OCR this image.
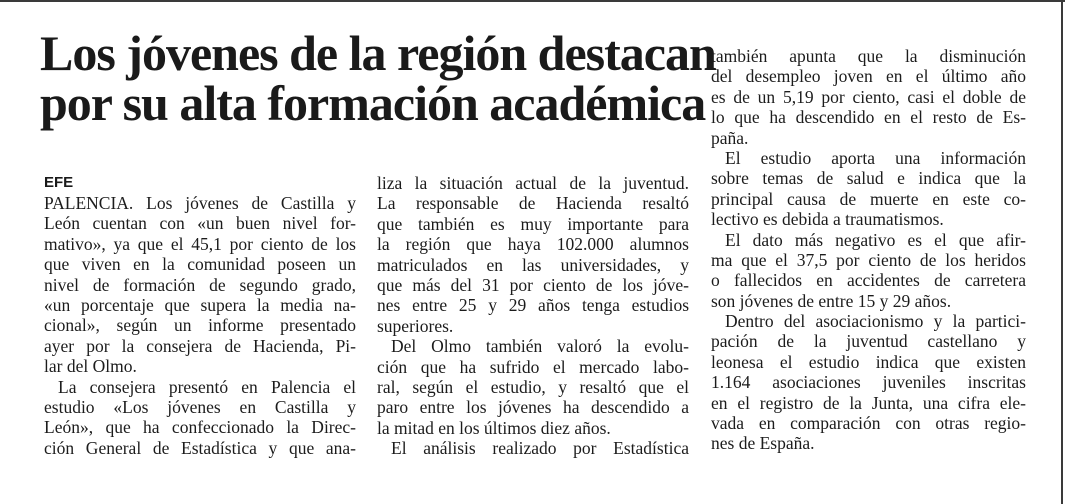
Los jóvenes de la región destacan
por su alta formación académica
EFE
PALENCIA. Los jóvenes de Castilla y
León cuentan con «un buen nivel for-
mativo», ya que el 45,1 por ciento de los
que viven en la comunidad poseen un
nivel de formación de segundo grado,
«un porcentaje que supera la media na-
cional», según un informe presentado
ayer por la consejera de Hacienda, Pi-
lar del Olmo.
La consejera presentó en Palencia el
estudio «Los jóvenes en Castilla y
León», que ha confeccionado la Direc-
ción General de Estadística y que ana-
liza la situación actual de la juventud.
La responsable de Hacienda resaltó
que también es muy importante para
la región que haya 102.000 alumnos
matriculados en las universidades, y
que más del 31 por ciento de los jóve-
nes entre 25 y 29 años tenga estudios
superiores.
Del Olmo también valoró la evolu-
ción que ha sufrido el mercado labo-
ral, según el estudio, y resaltó que el
paro entre los jóvenes ha descendido a
la mitad en los últimos diez años.
El análisis realizado por Estadística
también apunta que la disminución
del desempleo joven en el último año
es de un 5,19 por ciento, casi el doble de
lo que ha descendido en el resto de Es-
paña.
El estudio aporta una información
sobre temas de salud e indica que la
principal causa de muerte en este co-
lectivo es debida a traumatismos.
El dato más negativo es el que afir-
ma que el 37,5 por ciento de los heridos
o fallecidos en accidentes de carretera
son jóvenes de entre 15 y 29 años.
Dentro del asociacionismo y la partici-
pación de la juventud castellano y
leonesa el estudio indica que existen
1.164 asociaciones juveniles inscritas
en el registro de la Junta, una cifra ele-
vada en comparación con otras regio-
nes de España.
